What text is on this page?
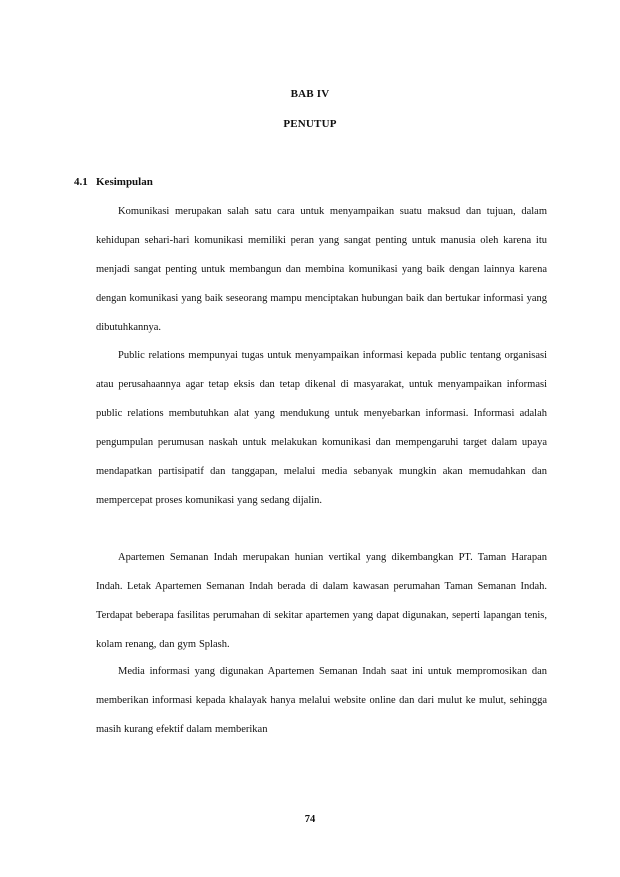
BAB IV
PENUTUP
4.1 Kesimpulan

Komunikasi merupakan salah satu cara untuk menyampaikan suatu maksud dan tujuan, dalam kehidupan sehari-hari komunikasi memiliki peran yang sangat penting untuk manusia oleh karena itu menjadi sangat penting untuk membangun dan membina komunikasi yang baik dengan lainnya karena dengan komunikasi yang baik seseorang mampu menciptakan hubungan baik dan bertukar informasi yang dibutuhkannya.

Public relations mempunyai tugas untuk menyampaikan informasi kepada public tentang organisasi atau perusahaannya agar tetap eksis dan tetap dikenal di masyarakat, untuk menyampaikan informasi public relations membutuhkan alat yang mendukung untuk menyebarkan informasi. Informasi adalah pengumpulan perumusan naskah untuk melakukan komunikasi dan mempengaruhi target dalam upaya mendapatkan partisipatif dan tanggapan, melalui media sebanyak mungkin akan memudahkan dan mempercepat proses komunikasi yang sedang dijalin.

Apartemen Semanan Indah merupakan hunian vertikal yang dikembangkan PT. Taman Harapan Indah. Letak Apartemen Semanan Indah berada di dalam kawasan perumahan Taman Semanan Indah. Terdapat beberapa fasilitas perumahan di sekitar apartemen yang dapat digunakan, seperti lapangan tenis, kolam renang, dan gym Splash.

Media informasi yang digunakan Apartemen Semanan Indah saat ini untuk mempromosikan dan memberikan informasi kepada khalayak hanya melalui website online dan dari mulut ke mulut, sehingga masih kurang efektif dalam memberikan

74
